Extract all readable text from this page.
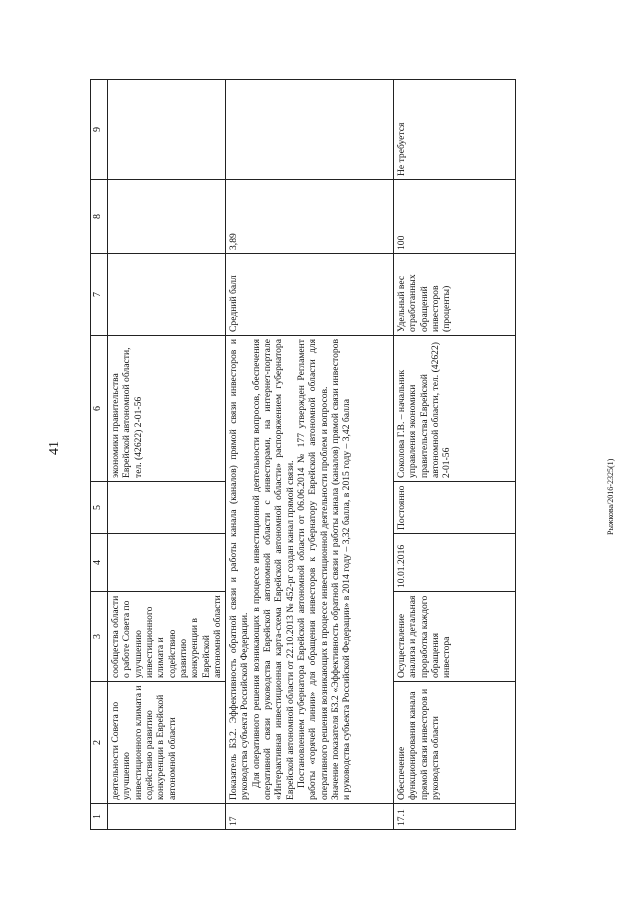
41
1	2	3	4	5	6	7	8	9
	деятельности Совета по улучшению инвестиционного климата и содействию развитию конкуренции в Еврейской автономной области	сообщества области о работе Совета по улучшению инвестиционного климата и содействию развитию конкуренции в Еврейской автономной области			экономики правительства Еврейской автономной области, тел. (42622) 2-01-56			
17	Показатель Б3.2. Эффективность обратной связи и работы канала (каналов) прямой связи инвесторов и руководства субъекта Российской Федерации. Для оперативного решения возникающих в процессе инвестиционной деятельности вопросов, обеспечения оперативной связи руководства Еврейской автономной области с инвесторами, на интернет-портале «Интерактивная инвестиционная карта-схема Еврейской автономной области» распоряжением губернатора Еврейской автономной области от 22.10.2013 № 452-рг создан канал прямой связи. Постановлением губернатора Еврейской автономной области от 06.06.2014 № 177 утвержден Регламент работы «горячей линии» для обращения инвесторов к губернатору Еврейской автономной области для оперативного решения возникающих в процессе инвестиционной деятельности проблем и вопросов. Значение показателя Б3.2 «Эффективность обратной связи и работы канала (каналов) прямой связи инвесторов и руководства субъекта Российской Федерации» в 2014 году – 3,32 балла, в 2015 году – 3,42 балла					Средний балл	3,89	
17.1	Обеспечение функционирования канала прямой связи инвесторов и руководства области	Осуществление анализа и детальная проработка каждого обращения инвестора	10.01.2016	Постоянно	Соколова Г.В. – начальник управления экономики правительства Еврейской автономной области, тел. (42622) 2-01-56	Удельный вес отработанных обращений инвесторов (проценты)	100	Не требуется
Рыжкова/2016-2325(1)
